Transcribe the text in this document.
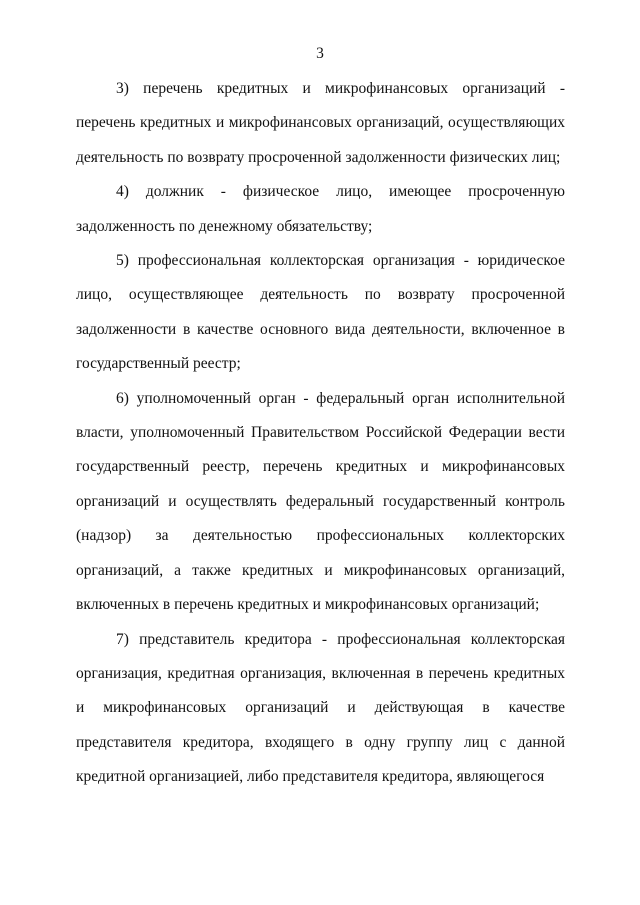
3

3) перечень кредитных и микрофинансовых организаций - перечень кредитных и микрофинансовых организаций, осуществляющих деятельность по возврату просроченной задолженности физических лиц;

4) должник - физическое лицо, имеющее просроченную задолженность по денежному обязательству;

5) профессиональная коллекторская организация - юридическое лицо, осуществляющее деятельность по возврату просроченной задолженности в качестве основного вида деятельности, включенное в государственный реестр;

6) уполномоченный орган - федеральный орган исполнительной власти, уполномоченный Правительством Российской Федерации вести государственный реестр, перечень кредитных и микрофинансовых организаций и осуществлять федеральный государственный контроль (надзор) за деятельностью профессиональных коллекторских организаций, а также кредитных и микрофинансовых организаций, включенных в перечень кредитных и микрофинансовых организаций;

7) представитель кредитора - профессиональная коллекторская организация, кредитная организация, включенная в перечень кредитных и микрофинансовых организаций и действующая в качестве представителя кредитора, входящего в одну группу лиц с данной кредитной организацией, либо представителя кредитора, являющегося
